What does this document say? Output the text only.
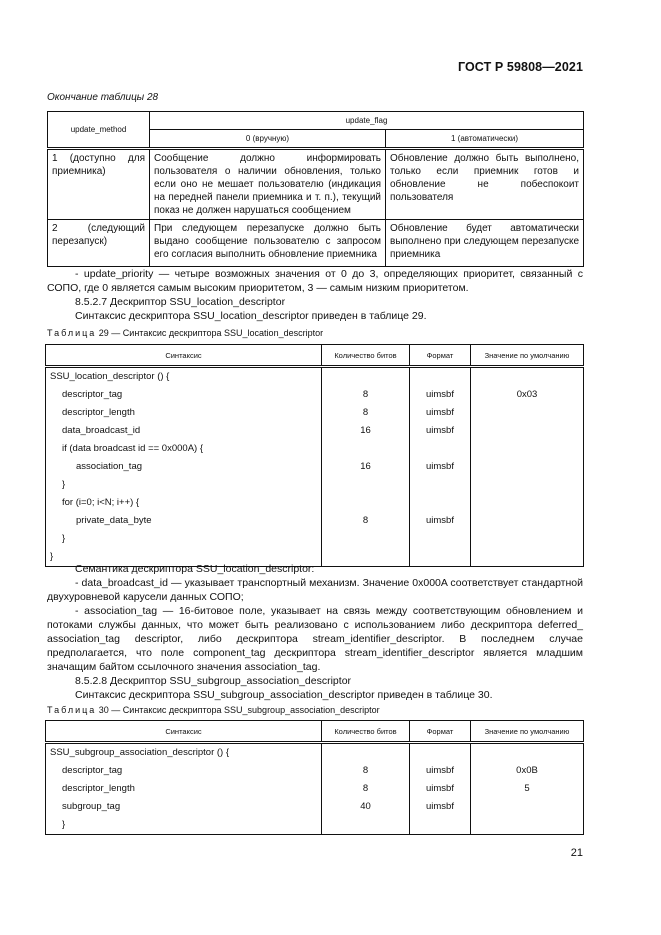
ГОСТ Р 59808—2021
Окончание таблицы 28
update_method	update_flag	
	0 (вручную)	1 (автоматически)
1 (доступно для приемника)	Сообщение должно информировать пользователя о наличии обновления, только если оно не мешает пользователю (индикация на передней панели приемника и т. п.), текущий показ не должен нарушаться сообщением	Обновление должно быть выполнено, только если приемник готов и обновление не побеспокоит пользователя
2 (следующий перезапуск)	При следующем перезапуске должно быть выдано сообщение пользователю с запросом его согласия выполнить обновление приемника	Обновление будет автоматически выполнено при следующем перезапуске приемника
- update_priority — четыре возможных значения от 0 до 3, определяющих приоритет, связанный с СОПО, где 0 является самым высоким приоритетом, 3 — самым низким приоритетом.
8.5.2.7 Дескриптор SSU_location_descriptor
Синтаксис дескриптора SSU_location_descriptor приведен в таблице 29.
Таблица 29 — Синтаксис дескриптора SSU_location_descriptor
Синтаксис	Количество битов	Формат	Значение по умолчанию
SSU_location_descriptor () {			
descriptor_tag	8	uimsbf	0x03
descriptor_length	8	uimsbf	
data_broadcast_id	16	uimsbf	
if (data broadcast id == 0x000A) {			
association_tag	16	uimsbf	
}			
for (i=0; i<N; i++) {			
private_data_byte	8	uimsbf	
}			
}			
Семантика дескриптора SSU_location_descriptor:
- data_broadcast_id — указывает транспортный механизм. Значение 0x000A соответствует стандартной двухуровневой карусели данных СОПО;
- association_tag — 16-битовое поле, указывает на связь между соответствующим обновлением и потоками службы данных, что может быть реализовано с использованием либо дескриптора deferred_ association_tag descriptor, либо дескриптора stream_identifier_descriptor. В последнем случае предполагается, что поле component_tag дескриптора stream_identifier_descriptor является младшим значащим байтом ссылочного значения association_tag.
8.5.2.8 Дескриптор SSU_subgroup_association_descriptor
Синтаксис дескриптора SSU_subgroup_association_descriptor приведен в таблице 30.
Таблица 30 — Синтаксис дескриптора SSU_subgroup_association_descriptor
Синтаксис	Количество битов	Формат	Значение по умолчанию
SSU_subgroup_association_descriptor () {			
descriptor_tag	8	uimsbf	0x0B
descriptor_length	8	uimsbf	5
subgroup_tag	40	uimsbf	
}			
21
